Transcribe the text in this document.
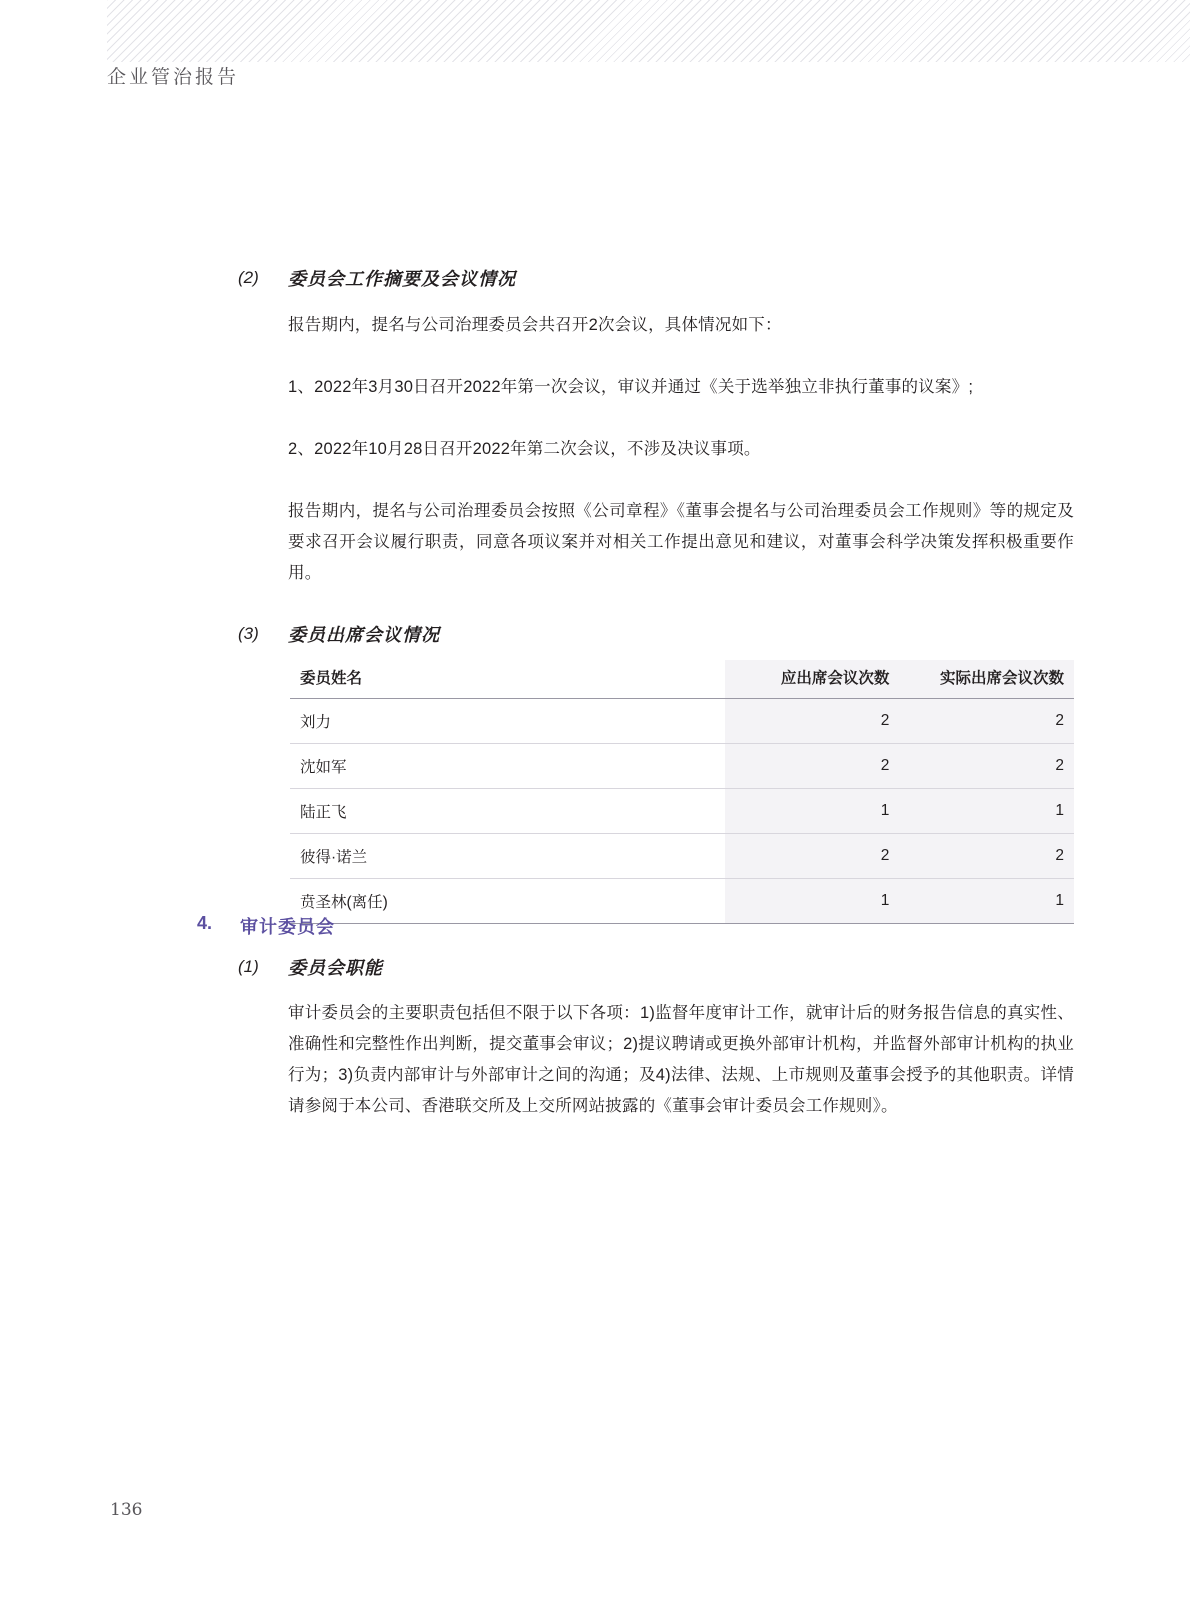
企业管治报告
(2) 委员会工作摘要及会议情况
报告期内，提名与公司治理委员会共召开2次会议，具体情况如下：
1、2022年3月30日召开2022年第一次会议，审议并通过《关于选举独立非执行董事的议案》;
2、2022年10月28日召开2022年第二次会议，不涉及决议事项。
报告期内，提名与公司治理委员会按照《公司章程》《董事会提名与公司治理委员会工作规则》等的规定及要求召开会议履行职责，同意各项议案并对相关工作提出意见和建议，对董事会科学决策发挥积极重要作用。
(3) 委员出席会议情况
委员姓名	应出席会议次数	实际出席会议次数
刘力	2	2
沈如军	2	2
陆正飞	1	1
彼得·诺兰	2	2
贲圣林(离任)	1	1
4. 审计委员会
(1) 委员会职能
审计委员会的主要职责包括但不限于以下各项：1)监督年度审计工作，就审计后的财务报告信息的真实性、准确性和完整性作出判断，提交董事会审议；2)提议聘请或更换外部审计机构，并监督外部审计机构的执业行为；3)负责内部审计与外部审计之间的沟通；及4)法律、法规、上市规则及董事会授予的其他职责。详情请参阅于本公司、香港联交所及上交所网站披露的《董事会审计委员会工作规则》。
136
